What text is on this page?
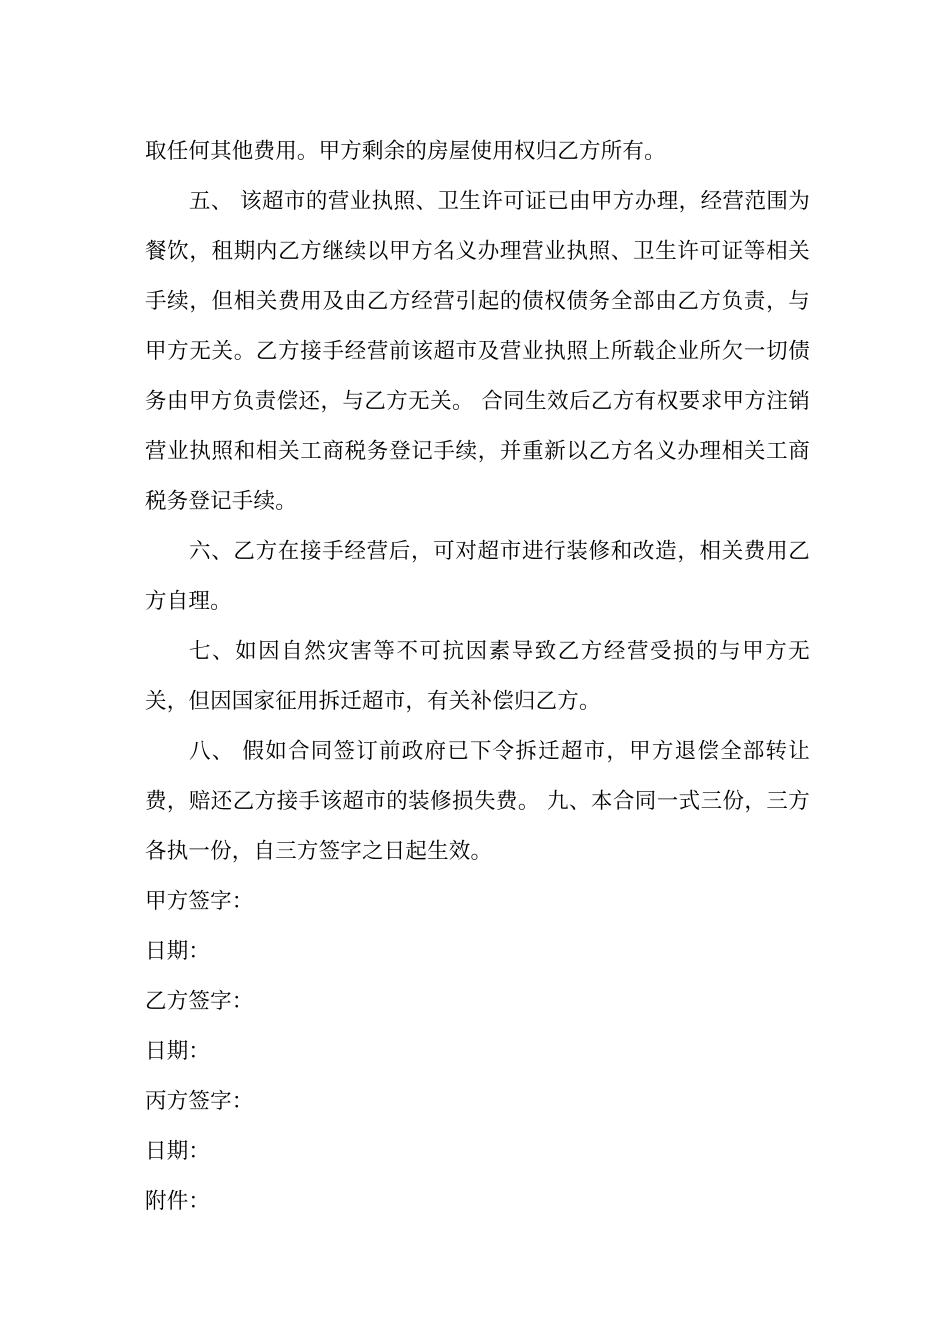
取任何其他费用。甲方剩余的房屋使用权归乙方所有。

五、 该超市的营业执照、卫生许可证已由甲方办理，经营范围为餐饮，租期内乙方继续以甲方名义办理营业执照、卫生许可证等相关手续，但相关费用及由乙方经营引起的债权债务全部由乙方负责，与甲方无关。乙方接手经营前该超市及营业执照上所载企业所欠一切债务由甲方负责偿还，与乙方无关。 合同生效后乙方有权要求甲方注销营业执照和相关工商税务登记手续，并重新以乙方名义办理相关工商税务登记手续。

六、乙方在接手经营后，可对超市进行装修和改造，相关费用乙方自理。

七、如因自然灾害等不可抗因素导致乙方经营受损的与甲方无关，但因国家征用拆迁超市，有关补偿归乙方。

八、 假如合同签订前政府已下令拆迁超市，甲方退偿全部转让费，赔还乙方接手该超市的装修损失费。 九、本合同一式三份，三方各执一份，自三方签字之日起生效。

甲方签字：

日期：

乙方签字：

日期：

丙方签字：

日期：

附件：
